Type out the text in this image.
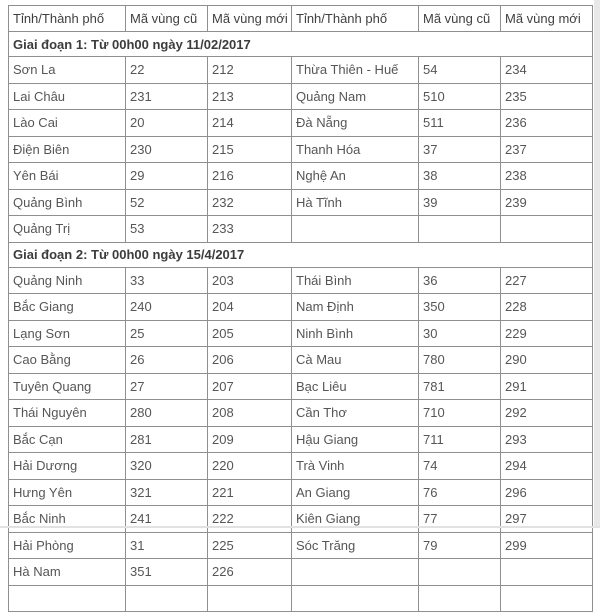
Tỉnh/Thành phố	Mã vùng cũ	Mã vùng mới	Tỉnh/Thành phố	Mã vùng cũ	Mã vùng mới
Giai đoạn 1: Từ 00h00 ngày 11/02/2017					
Sơn La	22	212	Thừa Thiên - Huế	54	234
Lai Châu	231	213	Quảng Nam	510	235
Lào Cai	20	214	Đà Nẵng	511	236
Điện Biên	230	215	Thanh Hóa	37	237
Yên Bái	29	216	Nghệ An	38	238
Quảng Bình	52	232	Hà Tĩnh	39	239
Quảng Trị	53	233			
Giai đoạn 2: Từ 00h00 ngày 15/4/2017					
Quảng Ninh	33	203	Thái Bình	36	227
Bắc Giang	240	204	Nam Định	350	228
Lạng Sơn	25	205	Ninh Bình	30	229
Cao Bằng	26	206	Cà Mau	780	290
Tuyên Quang	27	207	Bạc Liêu	781	291
Thái Nguyên	280	208	Cần Thơ	710	292
Bắc Cạn	281	209	Hậu Giang	711	293
Hải Dương	320	220	Trà Vinh	74	294
Hưng Yên	321	221	An Giang	76	296
Bắc Ninh	241	222	Kiên Giang	77	297
Hải Phòng	31	225	Sóc Trăng	79	299
Hà Nam	351	226			
